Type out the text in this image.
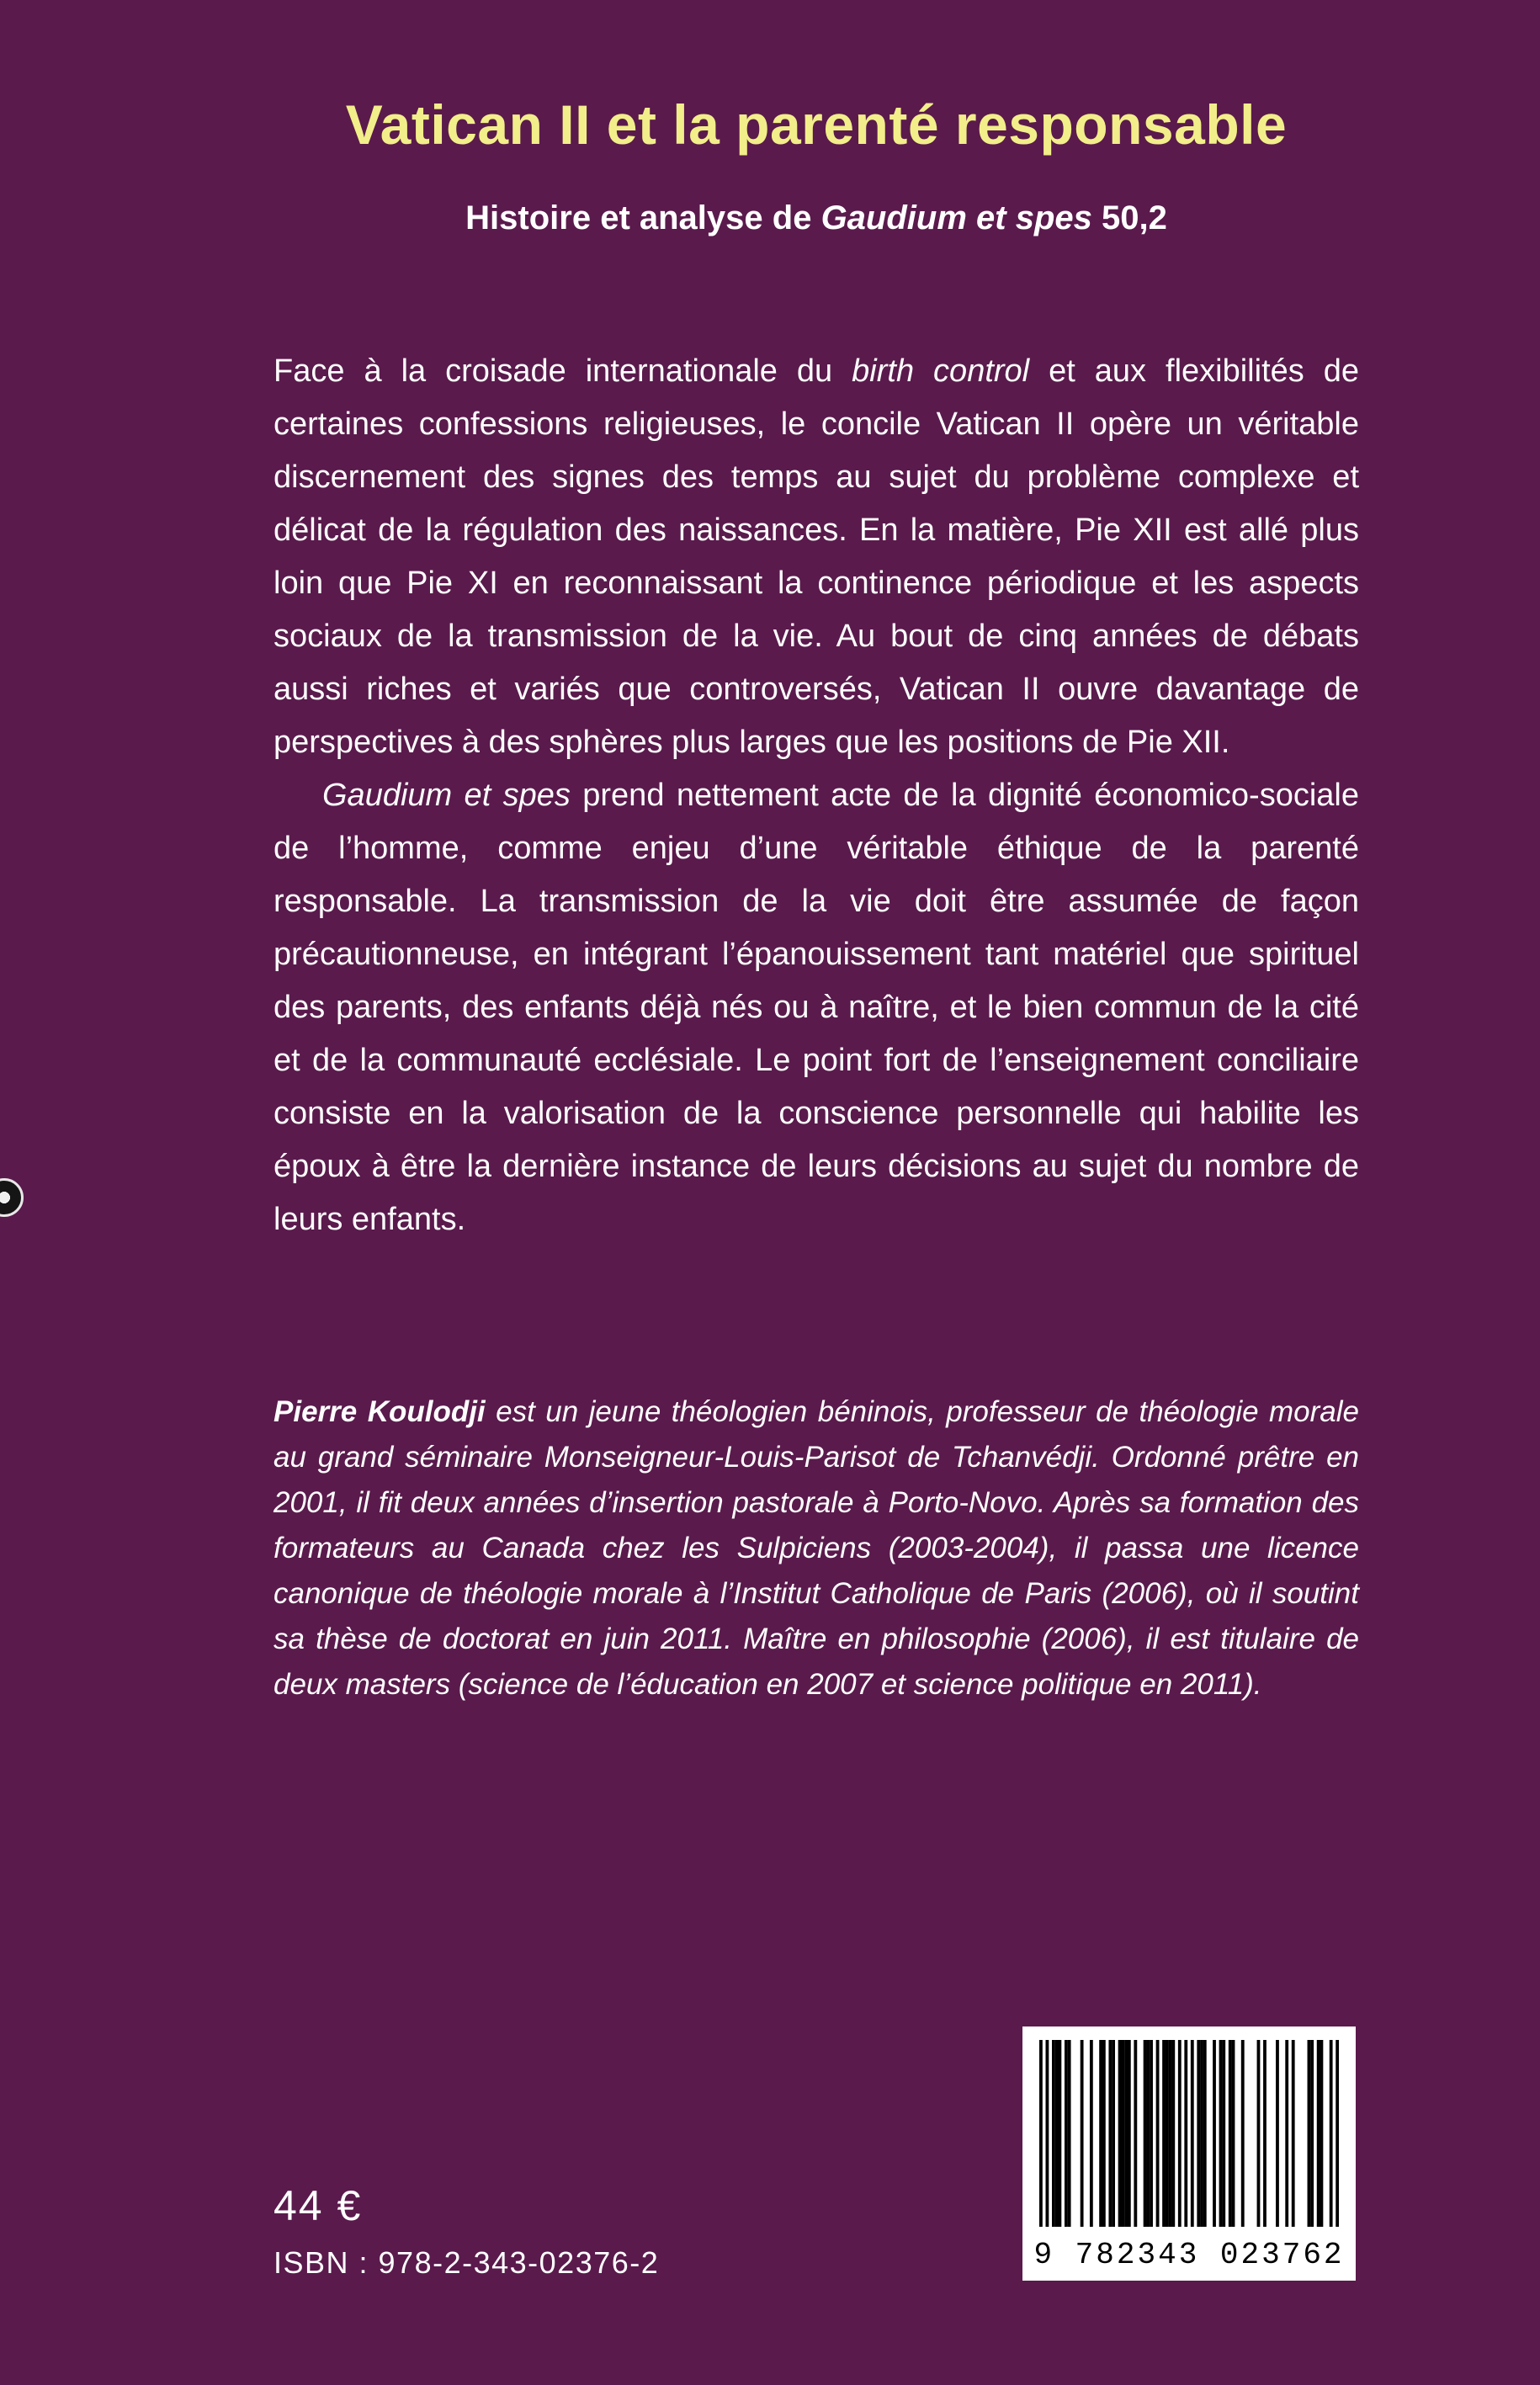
Vatican II et la parenté responsable
Histoire et analyse de Gaudium et spes 50,2

Face à la croisade internationale du birth control et aux flexibilités de certaines confessions religieuses, le concile Vatican II opère un véritable discernement des signes des temps au sujet du problème complexe et délicat de la régulation des naissances. En la matière, Pie XII est allé plus loin que Pie XI en reconnaissant la continence périodique et les aspects sociaux de la transmission de la vie. Au bout de cinq années de débats aussi riches et variés que controversés, Vatican II ouvre davantage de perspectives à des sphères plus larges que les positions de Pie XII.

Gaudium et spes prend nettement acte de la dignité économico-sociale de l’homme, comme enjeu d’une véritable éthique de la parenté responsable. La transmission de la vie doit être assumée de façon précautionneuse, en intégrant l’épanouissement tant matériel que spirituel des parents, des enfants déjà nés ou à naître, et le bien commun de la cité et de la communauté ecclésiale. Le point fort de l’enseignement conciliaire consiste en la valorisation de la conscience personnelle qui habilite les époux à être la dernière instance de leurs décisions au sujet du nombre de leurs enfants.

Pierre Koulodji est un jeune théologien béninois, professeur de théologie morale au grand séminaire Monseigneur-Louis-Parisot de Tchanvédji. Ordonné prêtre en 2001, il fit deux années d’insertion pastorale à Porto-Novo. Après sa formation des formateurs au Canada chez les Sulpiciens (2003-2004), il passa une licence canonique de théologie morale à l’Institut Catholique de Paris (2006), où il soutint sa thèse de doctorat en juin 2011. Maître en philosophie (2006), il est titulaire de deux masters (science de l’éducation en 2007 et science politique en 2011).
44 €
ISBN : 978-2-343-02376-2	9 782343 023762
